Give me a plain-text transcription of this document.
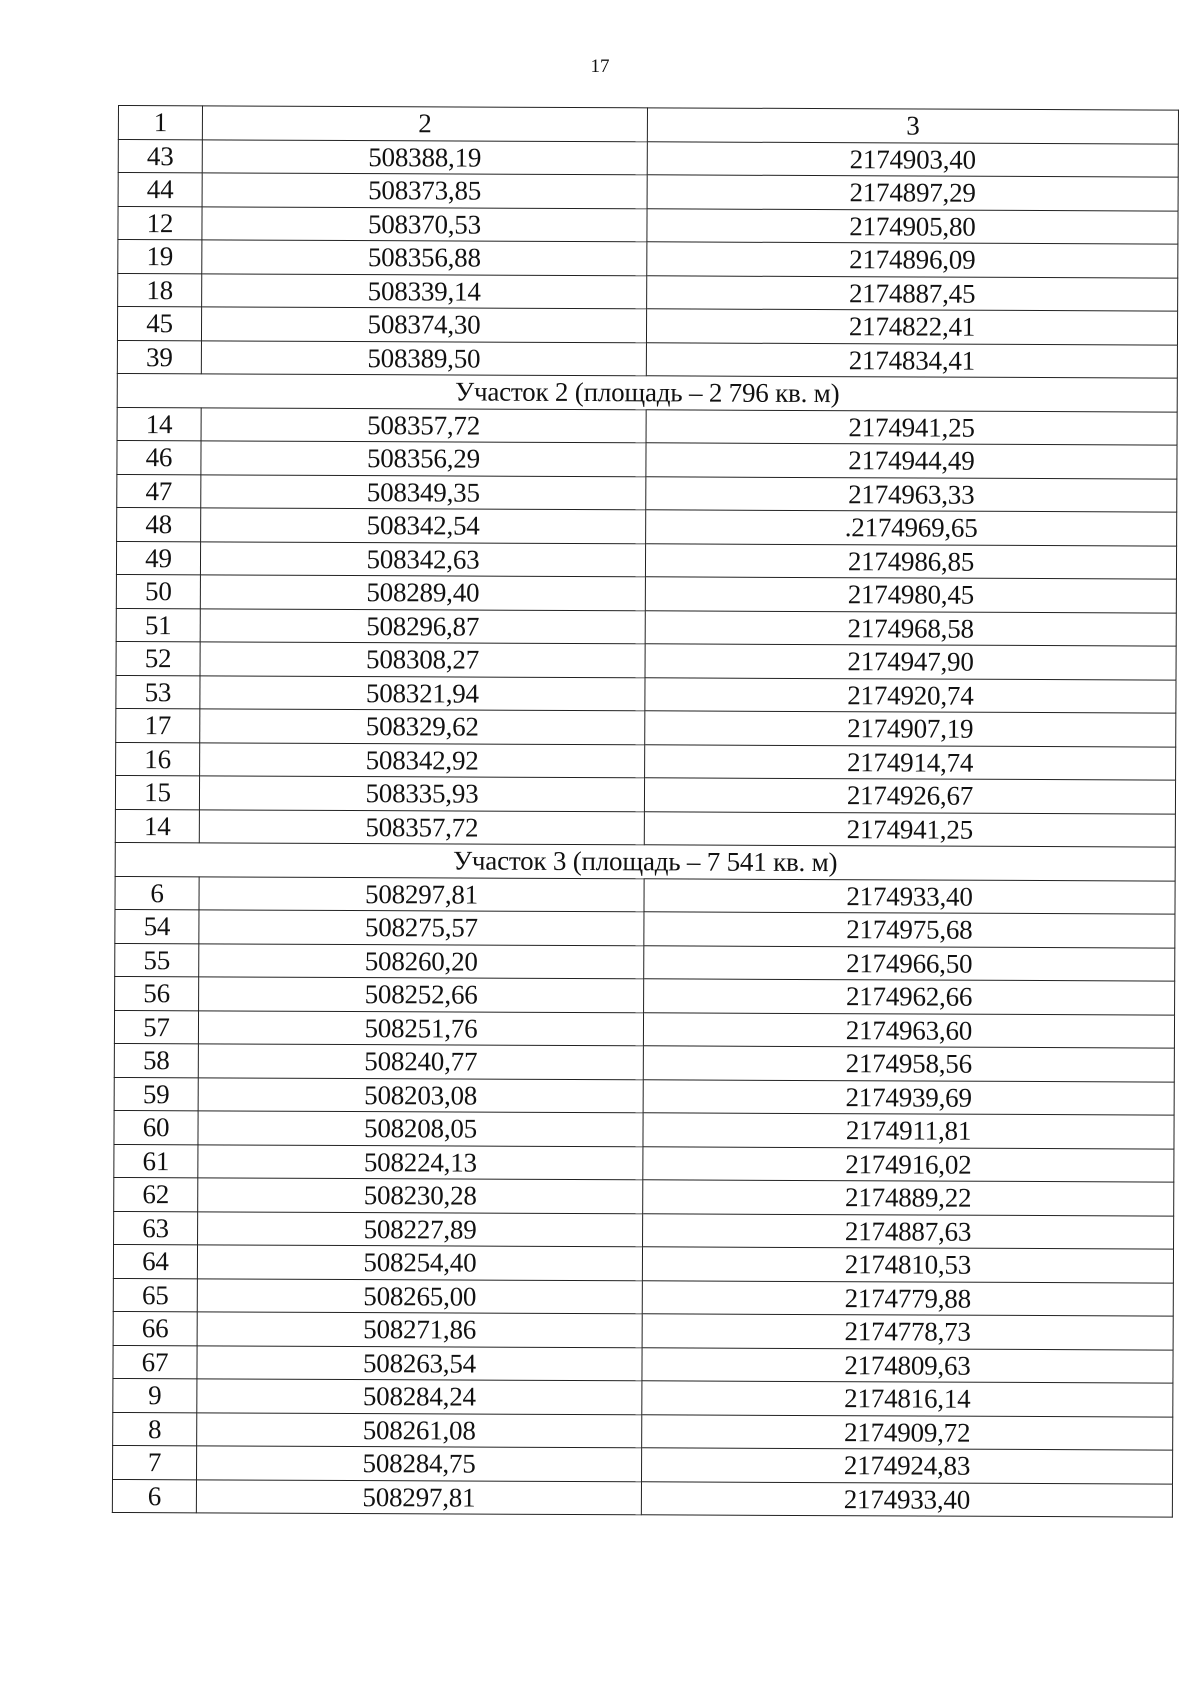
17
1	2	3
43	508388,19	2174903,40
44	508373,85	2174897,29
12	508370,53	2174905,80
19	508356,88	2174896,09
18	508339,14	2174887,45
45	508374,30	2174822,41
39	508389,50	2174834,41
Участок 2 (площадь – 2 796 кв. м)		
14	508357,72	2174941,25
46	508356,29	2174944,49
47	508349,35	2174963,33
48	508342,54	.2174969,65
49	508342,63	2174986,85
50	508289,40	2174980,45
51	508296,87	2174968,58
52	508308,27	2174947,90
53	508321,94	2174920,74
17	508329,62	2174907,19
16	508342,92	2174914,74
15	508335,93	2174926,67
14	508357,72	2174941,25
Участок 3 (площадь – 7 541 кв. м)		
6	508297,81	2174933,40
54	508275,57	2174975,68
55	508260,20	2174966,50
56	508252,66	2174962,66
57	508251,76	2174963,60
58	508240,77	2174958,56
59	508203,08	2174939,69
60	508208,05	2174911,81
61	508224,13	2174916,02
62	508230,28	2174889,22
63	508227,89	2174887,63
64	508254,40	2174810,53
65	508265,00	2174779,88
66	508271,86	2174778,73
67	508263,54	2174809,63
9	508284,24	2174816,14
8	508261,08	2174909,72
7	508284,75	2174924,83
6	508297,81	2174933,40
